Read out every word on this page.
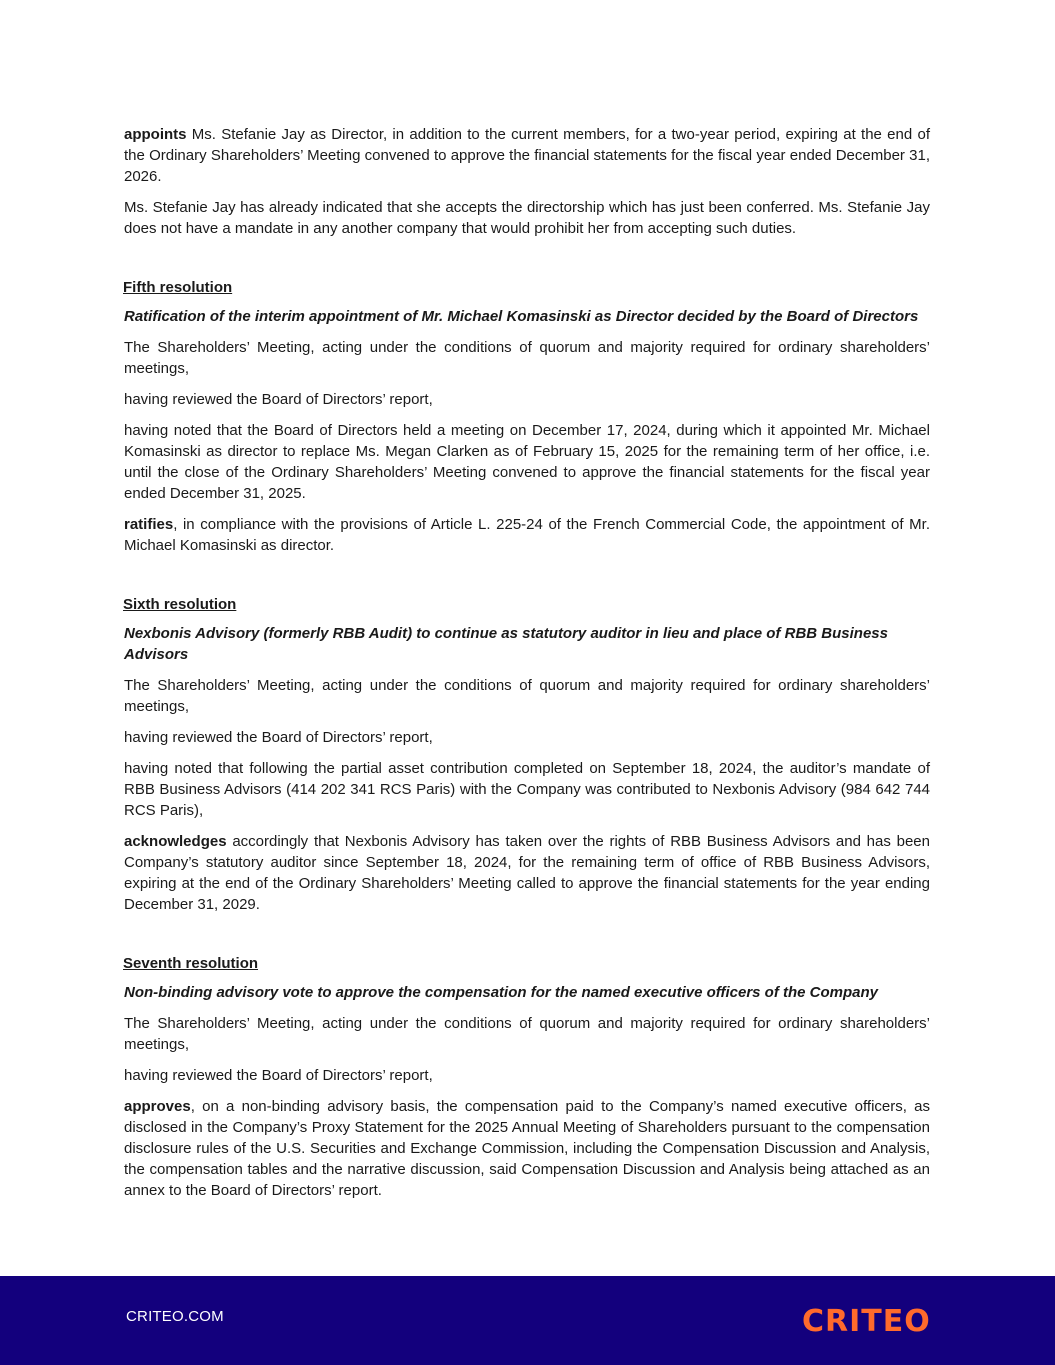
appoints Ms. Stefanie Jay as Director, in addition to the current members, for a two-year period, expiring at the end of the Ordinary Shareholders’ Meeting convened to approve the financial statements for the fiscal year ended December 31, 2026.

Ms. Stefanie Jay has already indicated that she accepts the directorship which has just been conferred. Ms. Stefanie Jay does not have a mandate in any another company that would prohibit her from accepting such duties.

Fifth resolution

Ratification of the interim appointment of Mr. Michael Komasinski as Director decided by the Board of Directors

The Shareholders’ Meeting, acting under the conditions of quorum and majority required for ordinary shareholders’ meetings,

having reviewed the Board of Directors’ report,

having noted that the Board of Directors held a meeting on December 17, 2024, during which it appointed Mr. Michael Komasinski as director to replace Ms. Megan Clarken as of February 15, 2025 for the remaining term of her office, i.e. until the close of the Ordinary Shareholders’ Meeting convened to approve the financial statements for the fiscal year ended December 31, 2025.

ratifies, in compliance with the provisions of Article L. 225-24 of the French Commercial Code, the appointment of Mr. Michael Komasinski as director.

Sixth resolution

Nexbonis Advisory (formerly RBB Audit) to continue as statutory auditor in lieu and place of RBB Business Advisors

The Shareholders’ Meeting, acting under the conditions of quorum and majority required for ordinary shareholders’ meetings,

having reviewed the Board of Directors’ report,

having noted that following the partial asset contribution completed on September 18, 2024, the auditor’s mandate of RBB Business Advisors (414 202 341 RCS Paris) with the Company was contributed to Nexbonis Advisory (984 642 744 RCS Paris),

acknowledges accordingly that Nexbonis Advisory has taken over the rights of RBB Business Advisors and has been Company’s statutory auditor since September 18, 2024, for the remaining term of office of RBB Business Advisors, expiring at the end of the Ordinary Shareholders’ Meeting called to approve the financial statements for the year ending December 31, 2029.

Seventh resolution

Non-binding advisory vote to approve the compensation for the named executive officers of the Company

The Shareholders’ Meeting, acting under the conditions of quorum and majority required for ordinary shareholders’ meetings,

having reviewed the Board of Directors’ report,

approves, on a non-binding advisory basis, the compensation paid to the Company’s named executive officers, as disclosed in the Company’s Proxy Statement for the 2025 Annual Meeting of Shareholders pursuant to the compensation disclosure rules of the U.S. Securities and Exchange Commission, including the Compensation Discussion and Analysis, the compensation tables and the narrative discussion, said Compensation Discussion and Analysis being attached as an annex to the Board of Directors’ report.

CRITEO.COM	CRITEO
